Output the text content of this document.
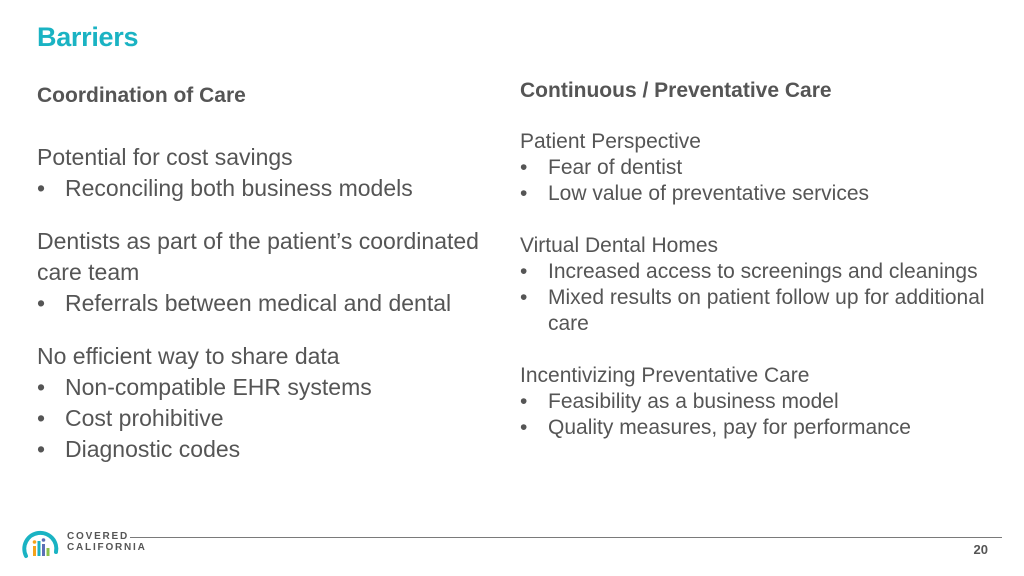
Barriers
Coordination of Care	Continuous / Preventative Care

Potential for cost savings

• Reconciling both business models

Dentists as part of the patient’s coordinated care team

• Referrals between medical and dental

No efficient way to share data

• Non-compatible EHR systems
• Cost prohibitive
• Diagnostic codes

Patient Perspective

• Fear of dentist
• Low value of preventative services

Virtual Dental Homes

• Increased access to screenings and cleanings
• Mixed results on patient follow up for additional care

Incentivizing Preventative Care

• Feasibility as a business model
• Quality measures, pay for performance
COVERED
CALIFORNIA	20
